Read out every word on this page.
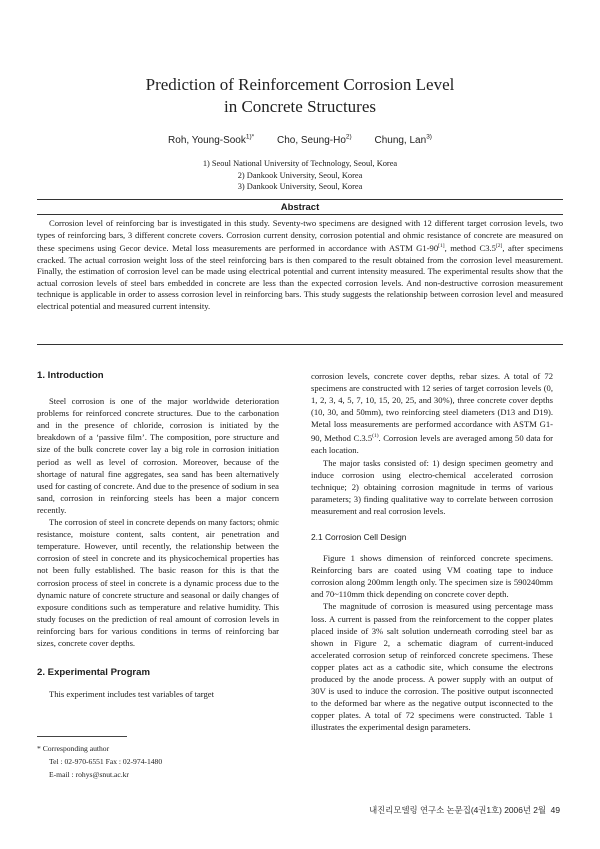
Prediction of Reinforcement Corrosion Level
in Concrete Structures
Roh, Young-Sook$^{1)*}$ Cho, Seung-Ho$^{2)}$ Chung, Lan$^{3)}$
1) Seoul National University of Technology, Seoul, Korea
2) Dankook University, Seoul, Korea
3) Dankook University, Seoul, Korea
Abstract
Corrosion level of reinforcing bar is investigated in this study. Seventy-two specimens are designed with 12 different target corrosion levels, two types of reinforcing bars, 3 different concrete covers. Corrosion current density, corrosion potential and ohmic resistance of concrete are measured on these specimens using Gecor device. Metal loss measurements are performed in accordance with ASTM G1-90[1], method C3.5[2], after specimens cracked. The actual corrosion weight loss of the steel reinforcing bars is then compared to the result obtained from the corrosion level measurement. Finally, the estimation of corrosion level can be made using electrical potential and current intensity measured. The experimental results show that the actual corrosion levels of steel bars embedded in concrete are less than the expected corrosion levels. And non-destructive corrosion measurement technique is applicable in order to assess corrosion level in reinforcing bars. This study suggests the relationship between corrosion level and measured electrical potential and measured current intensity.
1. Introduction

Steel corrosion is one of the major worldwide deterioration problems for reinforced concrete structures. Due to the carbonation and in the presence of chloride, corrosion is initiated by the breakdown of a ‘passive film’. The composition, pore structure and size of the bulk concrete cover lay a big role in corrosion initiation period as well as level of corrosion. Moreover, because of the shortage of natural fine aggregates, sea sand has been alternatively used for casting of concrete. And due to the presence of sodium in sea sand, corrosion in reinforcing steels has been a major concern recently.

The corrosion of steel in concrete depends on many factors; ohmic resistance, moisture content, salts content, air penetration and temperature. However, until recently, the relationship between the corrosion of steel in concrete and its physicochemical properties has not been fully established. The basic reason for this is that the corrosion process of steel in concrete is a dynamic process due to the dynamic nature of concrete structure and seasonal or daily changes of exposure conditions such as temperature and relative humidity. This study focuses on the prediction of real amount of corrosion levels in reinforcing bars for various conditions in terms of reinforcing bar sizes, concrete cover depths.

2. Experimental Program

This experiment includes test variables of target

* Corresponding author
Tel : 02-970-6551 Fax : 02-974-1480
E-mail : rohys@snut.ac.kr

corrosion levels, concrete cover depths, rebar sizes. A total of 72 specimens are constructed with 12 series of target corrosion levels (0, 1, 2, 3, 4, 5, 7, 10, 15, 20, 25, and 30%), three concrete cover depths (10, 30, and 50mm), two reinforcing steel diameters (D13 and D19). Metal loss measurements are performed accordance with ASTM G1-90, Method C.3.5$^{(1)}$. Corrosion levels are averaged among 50 data for each location.

The major tasks consisted of: 1) design specimen geometry and induce corrosion using electro-chemical accelerated corrosion technique; 2) obtaining corrosion magnitude in terms of various parameters; 3) finding qualitative way to correlate between corrosion measurement and real corrosion levels.

2.1 Corrosion Cell Design

Figure 1 shows dimension of reinforced concrete specimens. Reinforcing bars are coated using VM coating tape to induce corrosion along 200mm length only. The specimen size is 590240mm and 70~110mm thick depending on concrete cover depth.

The magnitude of corrosion is measured using percentage mass loss. A current is passed from the reinforcement to the copper plates placed inside of 3% salt solution underneath corroding steel bar as shown in Figure 2, a schematic diagram of current-induced accelerated corrosion setup of reinforced concrete specimens. These copper plates act as a cathodic site, which consume the electrons produced by the anode process. A power supply with an output of 30V is used to induce the corrosion. The positive output isconnected to the deformed bar where as the negative output isconnected to the copper plates. A total of 72 specimens were constructed. Table 1 illustrates the experimental design parameters.

내진리모델링 연구소 논문집(4권1호) 2006년 2월 49
